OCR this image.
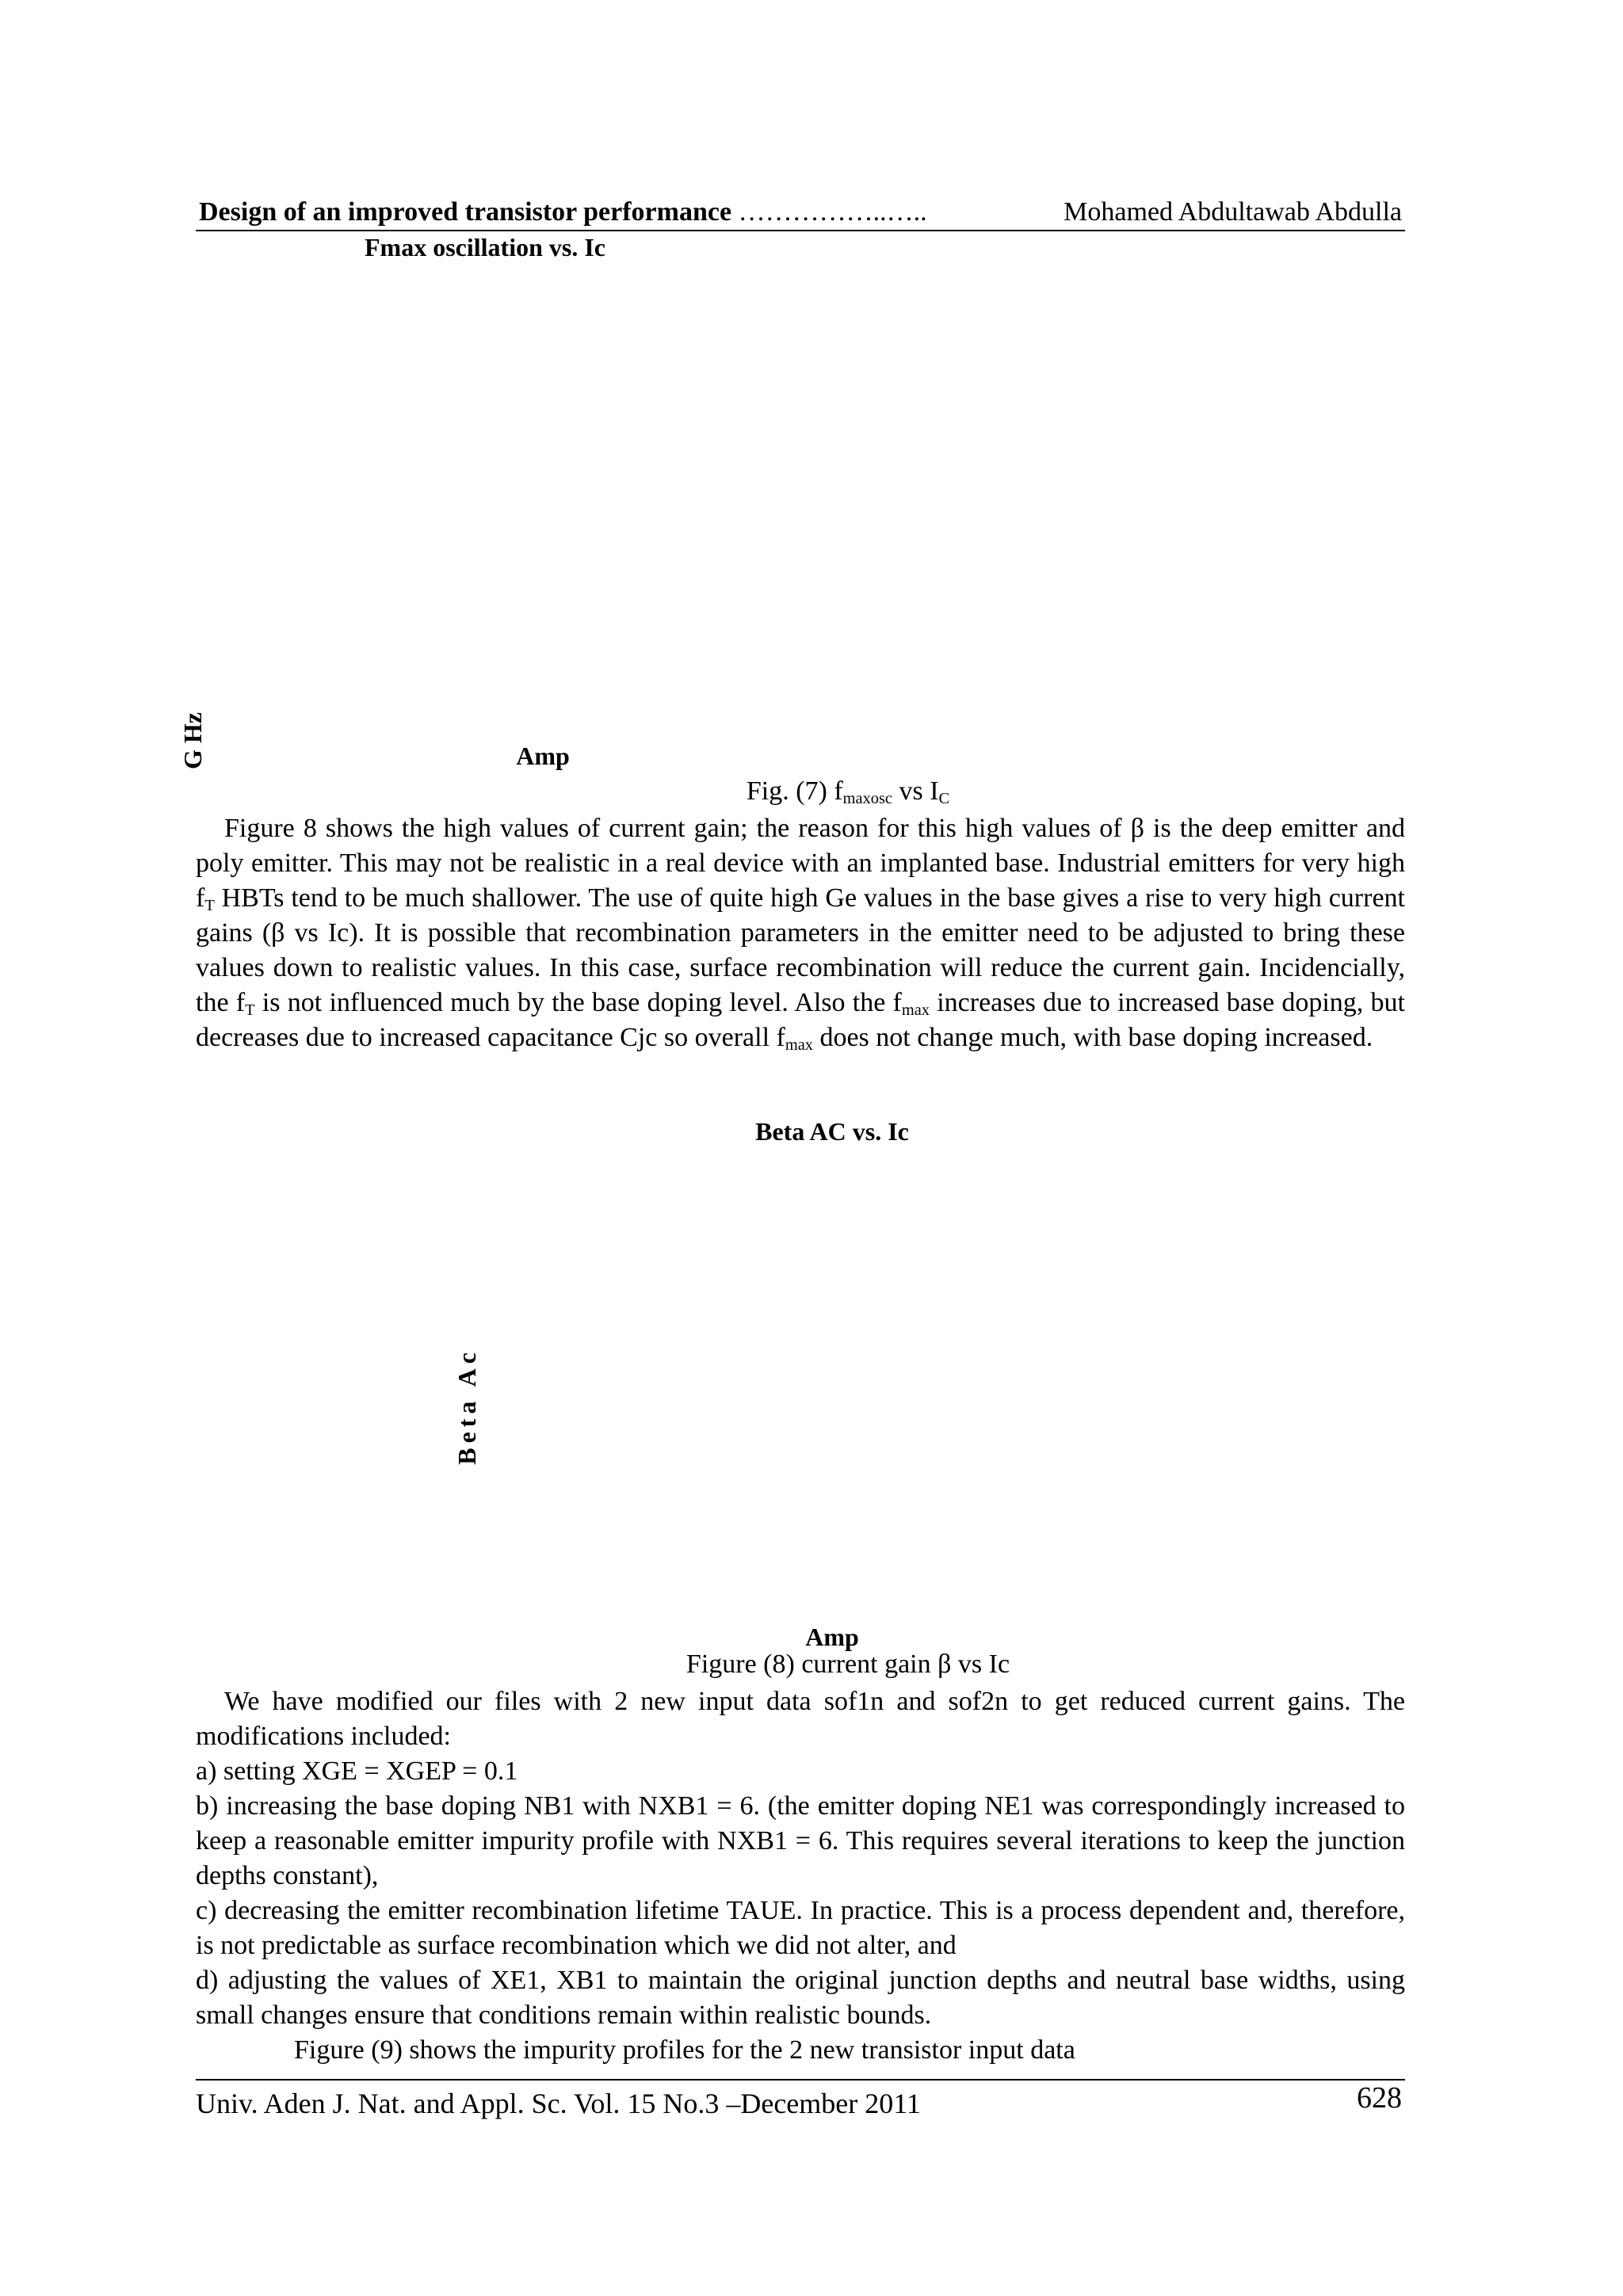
Design of an improved transistor performance ……………..…..	Mohamed Abdultawab Abdulla
Fmax oscillation vs. Ic
Amp
G Hz
Fig. (7) $f_{maxosc}$ vs $I_C$
Figure 8 shows the high values of current gain; the reason for this high values of β is the deep emitter and poly emitter. This may not be realistic in a real device with an implanted base. Industrial emitters for very high $f_T$ HBTs tend to be much shallower. The use of quite high Ge values in the base gives a rise to very high current gains (β vs Ic). It is possible that recombination parameters in the emitter need to be adjusted to bring these values down to realistic values. In this case, surface recombination will reduce the current gain. Incidencially, the $f_T$ is not influenced much by the base doping level. Also the $f_{max}$ increases due to increased base doping, but decreases due to increased capacitance Cjc so overall $f_{max}$ does not change much, with base doping increased.
Beta AC vs. Ic
Amp
Beta Ac
Figure (8) current gain β vs Ic
We have modified our files with 2 new input data sof1n and sof2n to get reduced current gains. The modifications included:
a) setting XGE = XGEP = 0.1
b) increasing the base doping NB1 with NXB1 = 6. (the emitter doping NE1 was correspondingly increased to keep a reasonable emitter impurity profile with NXB1 = 6. This requires several iterations to keep the junction depths constant),
c) decreasing the emitter recombination lifetime TAUE. In practice. This is a process dependent and, therefore, is not predictable as surface recombination which we did not alter, and
d) adjusting the values of XE1, XB1 to maintain the original junction depths and neutral base widths, using small changes ensure that conditions remain within realistic bounds.
Figure (9) shows the impurity profiles for the 2 new transistor input data
Univ. Aden J. Nat. and Appl. Sc. Vol. 15 No.3 –December 2011	628
